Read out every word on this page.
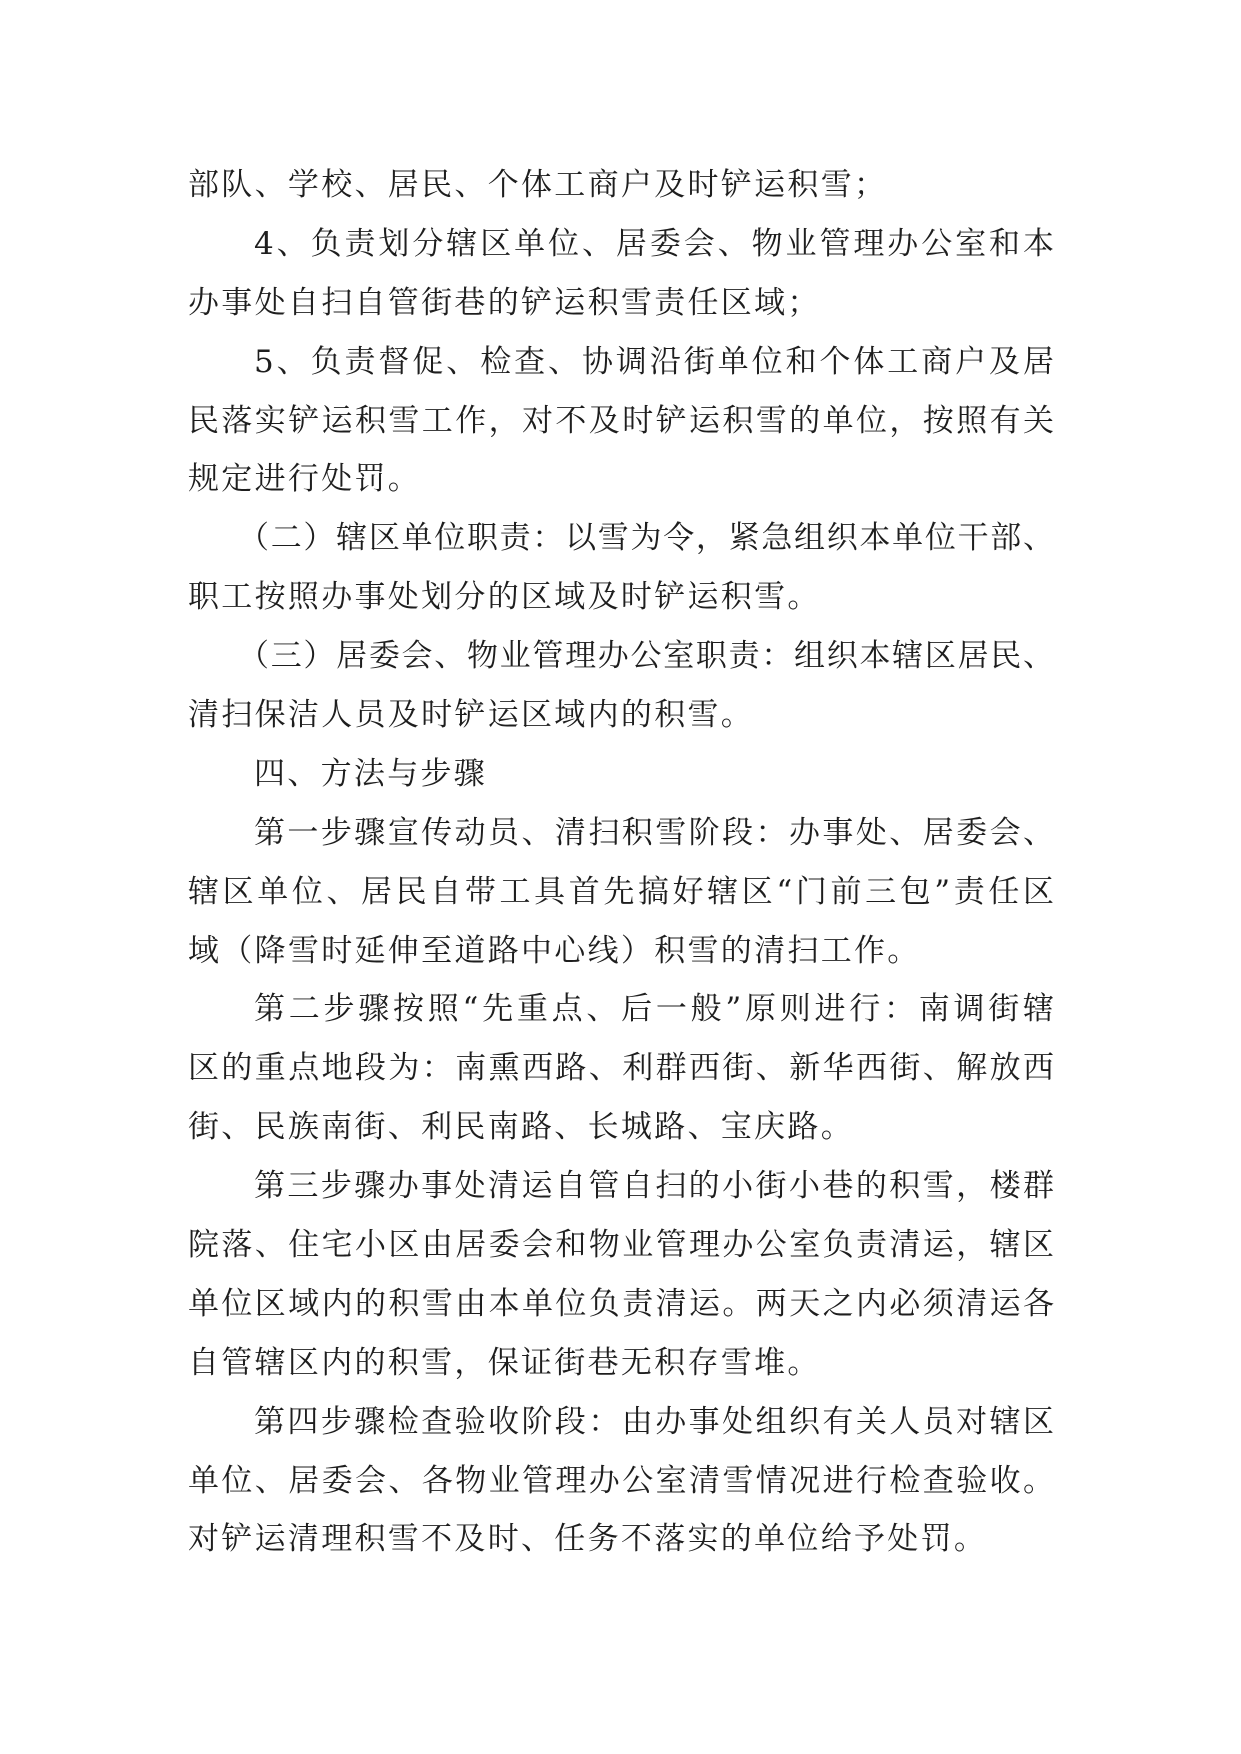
部队、学校、居民、个体工商户及时铲运积雪；
4、负责划分辖区单位、居委会、物业管理办公室和本
办事处自扫自管街巷的铲运积雪责任区域；
5、负责督促、检查、协调沿街单位和个体工商户及居
民落实铲运积雪工作，对不及时铲运积雪的单位，按照有关
规定进行处罚。
（二）辖区单位职责：以雪为令，紧急组织本单位干部、
职工按照办事处划分的区域及时铲运积雪。
（三）居委会、物业管理办公室职责：组织本辖区居民、
清扫保洁人员及时铲运区域内的积雪。
四、方法与步骤
第一步骤宣传动员、清扫积雪阶段：办事处、居委会、
辖区单位、居民自带工具首先搞好辖区“门前三包”责任区
域（降雪时延伸至道路中心线）积雪的清扫工作。
第二步骤按照“先重点、后一般”原则进行：南调街辖
区的重点地段为：南熏西路、利群西街、新华西街、解放西
街、民族南街、利民南路、长城路、宝庆路。
第三步骤办事处清运自管自扫的小街小巷的积雪，楼群
院落、住宅小区由居委会和物业管理办公室负责清运，辖区
单位区域内的积雪由本单位负责清运。两天之内必须清运各
自管辖区内的积雪，保证街巷无积存雪堆。
第四步骤检查验收阶段：由办事处组织有关人员对辖区
单位、居委会、各物业管理办公室清雪情况进行检查验收。
对铲运清理积雪不及时、任务不落实的单位给予处罚。
